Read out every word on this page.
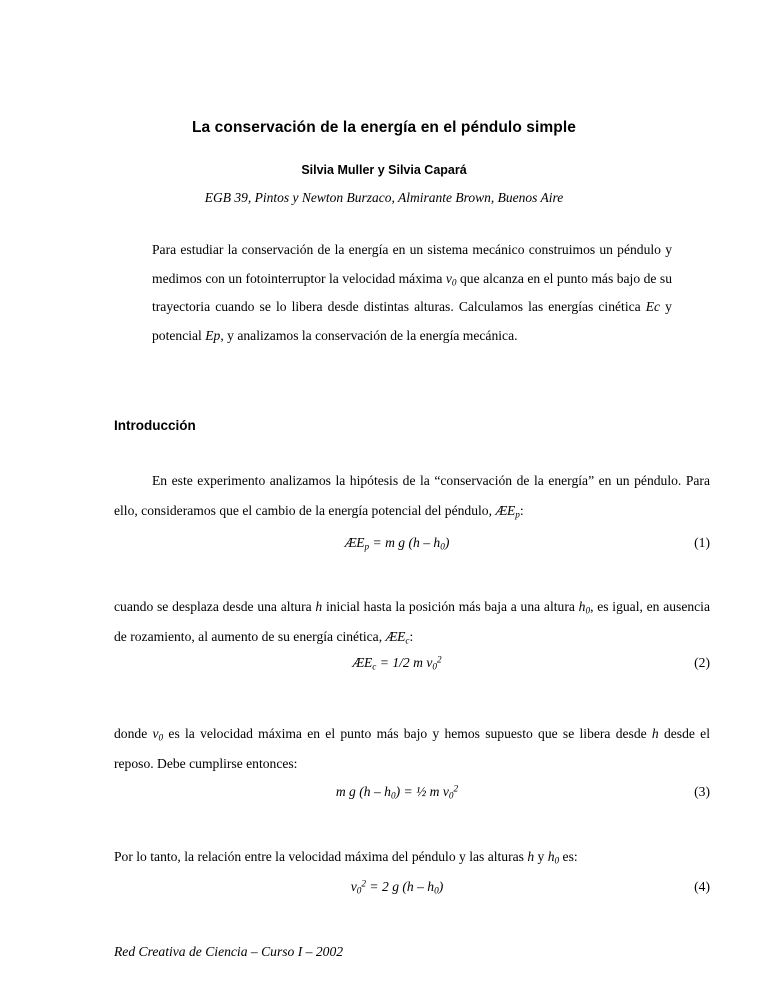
La conservación de la energía en el péndulo simple
Silvia Muller y Silvia Capará
EGB 39, Pintos y Newton Burzaco, Almirante Brown, Buenos Aire
Para estudiar la conservación de la energía en un sistema mecánico construimos un péndulo y medimos con un fotointerruptor la velocidad máxima $v_0$ que alcanza en el punto más bajo de su trayectoria cuando se lo libera desde distintas alturas. Calculamos las energías cinética Ec y potencial Ep, y analizamos la conservación de la energía mecánica.
Introducción

En este experimento analizamos la hipótesis de la “conservación de la energía” en un péndulo. Para ello, consideramos que el cambio de la energía potencial del péndulo, $ÆE_p$:

$ÆE_p = m$ g $(h - h_0)$	(1)

cuando se desplaza desde una altura h inicial hasta la posición más baja a una altura $h_0$, es igual, en ausencia de rozamiento, al aumento de su energía cinética, $ÆE_c$:

$ÆE_c = 1/2$ m $v_0^2$	(2)

donde $v_0$ es la velocidad máxima en el punto más bajo y hemos supuesto que se libera desde h desde el reposo. Debe cumplirse entonces:

m g $(h - h_0)$ = ½ m $v_0^2$	(3)

Por lo tanto, la relación entre la velocidad máxima del péndulo y las alturas h y $h_0$ es:

$v_0^2 = 2$ g $(h - h_0)$	(4)
Red Creativa de Ciencia – Curso I – 2002
